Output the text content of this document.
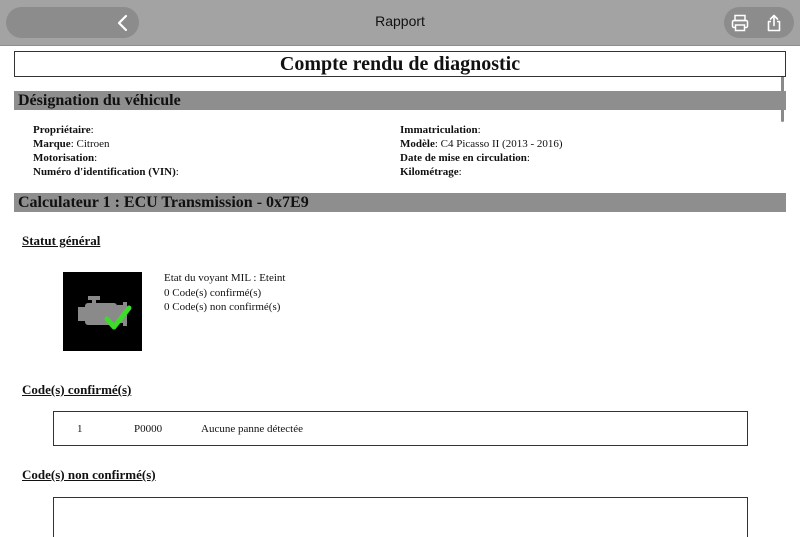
Rapport
Compte rendu de diagnostic
Désignation du véhicule
Propriétaire:
Marque: Citroen
Motorisation:
Numéro d'identification (VIN):
Immatriculation:
Modèle: C4 Picasso II (2013 - 2016)
Date de mise en circulation:
Kilométrage:
Calculateur 1 : ECU Transmission - 0x7E9
Statut général
Etat du voyant MIL : Eteint
0 Code(s) confirmé(s)
0 Code(s) non confirmé(s)
Code(s) confirmé(s)
1	P0000	Aucune panne détectée
Code(s) non confirmé(s)
